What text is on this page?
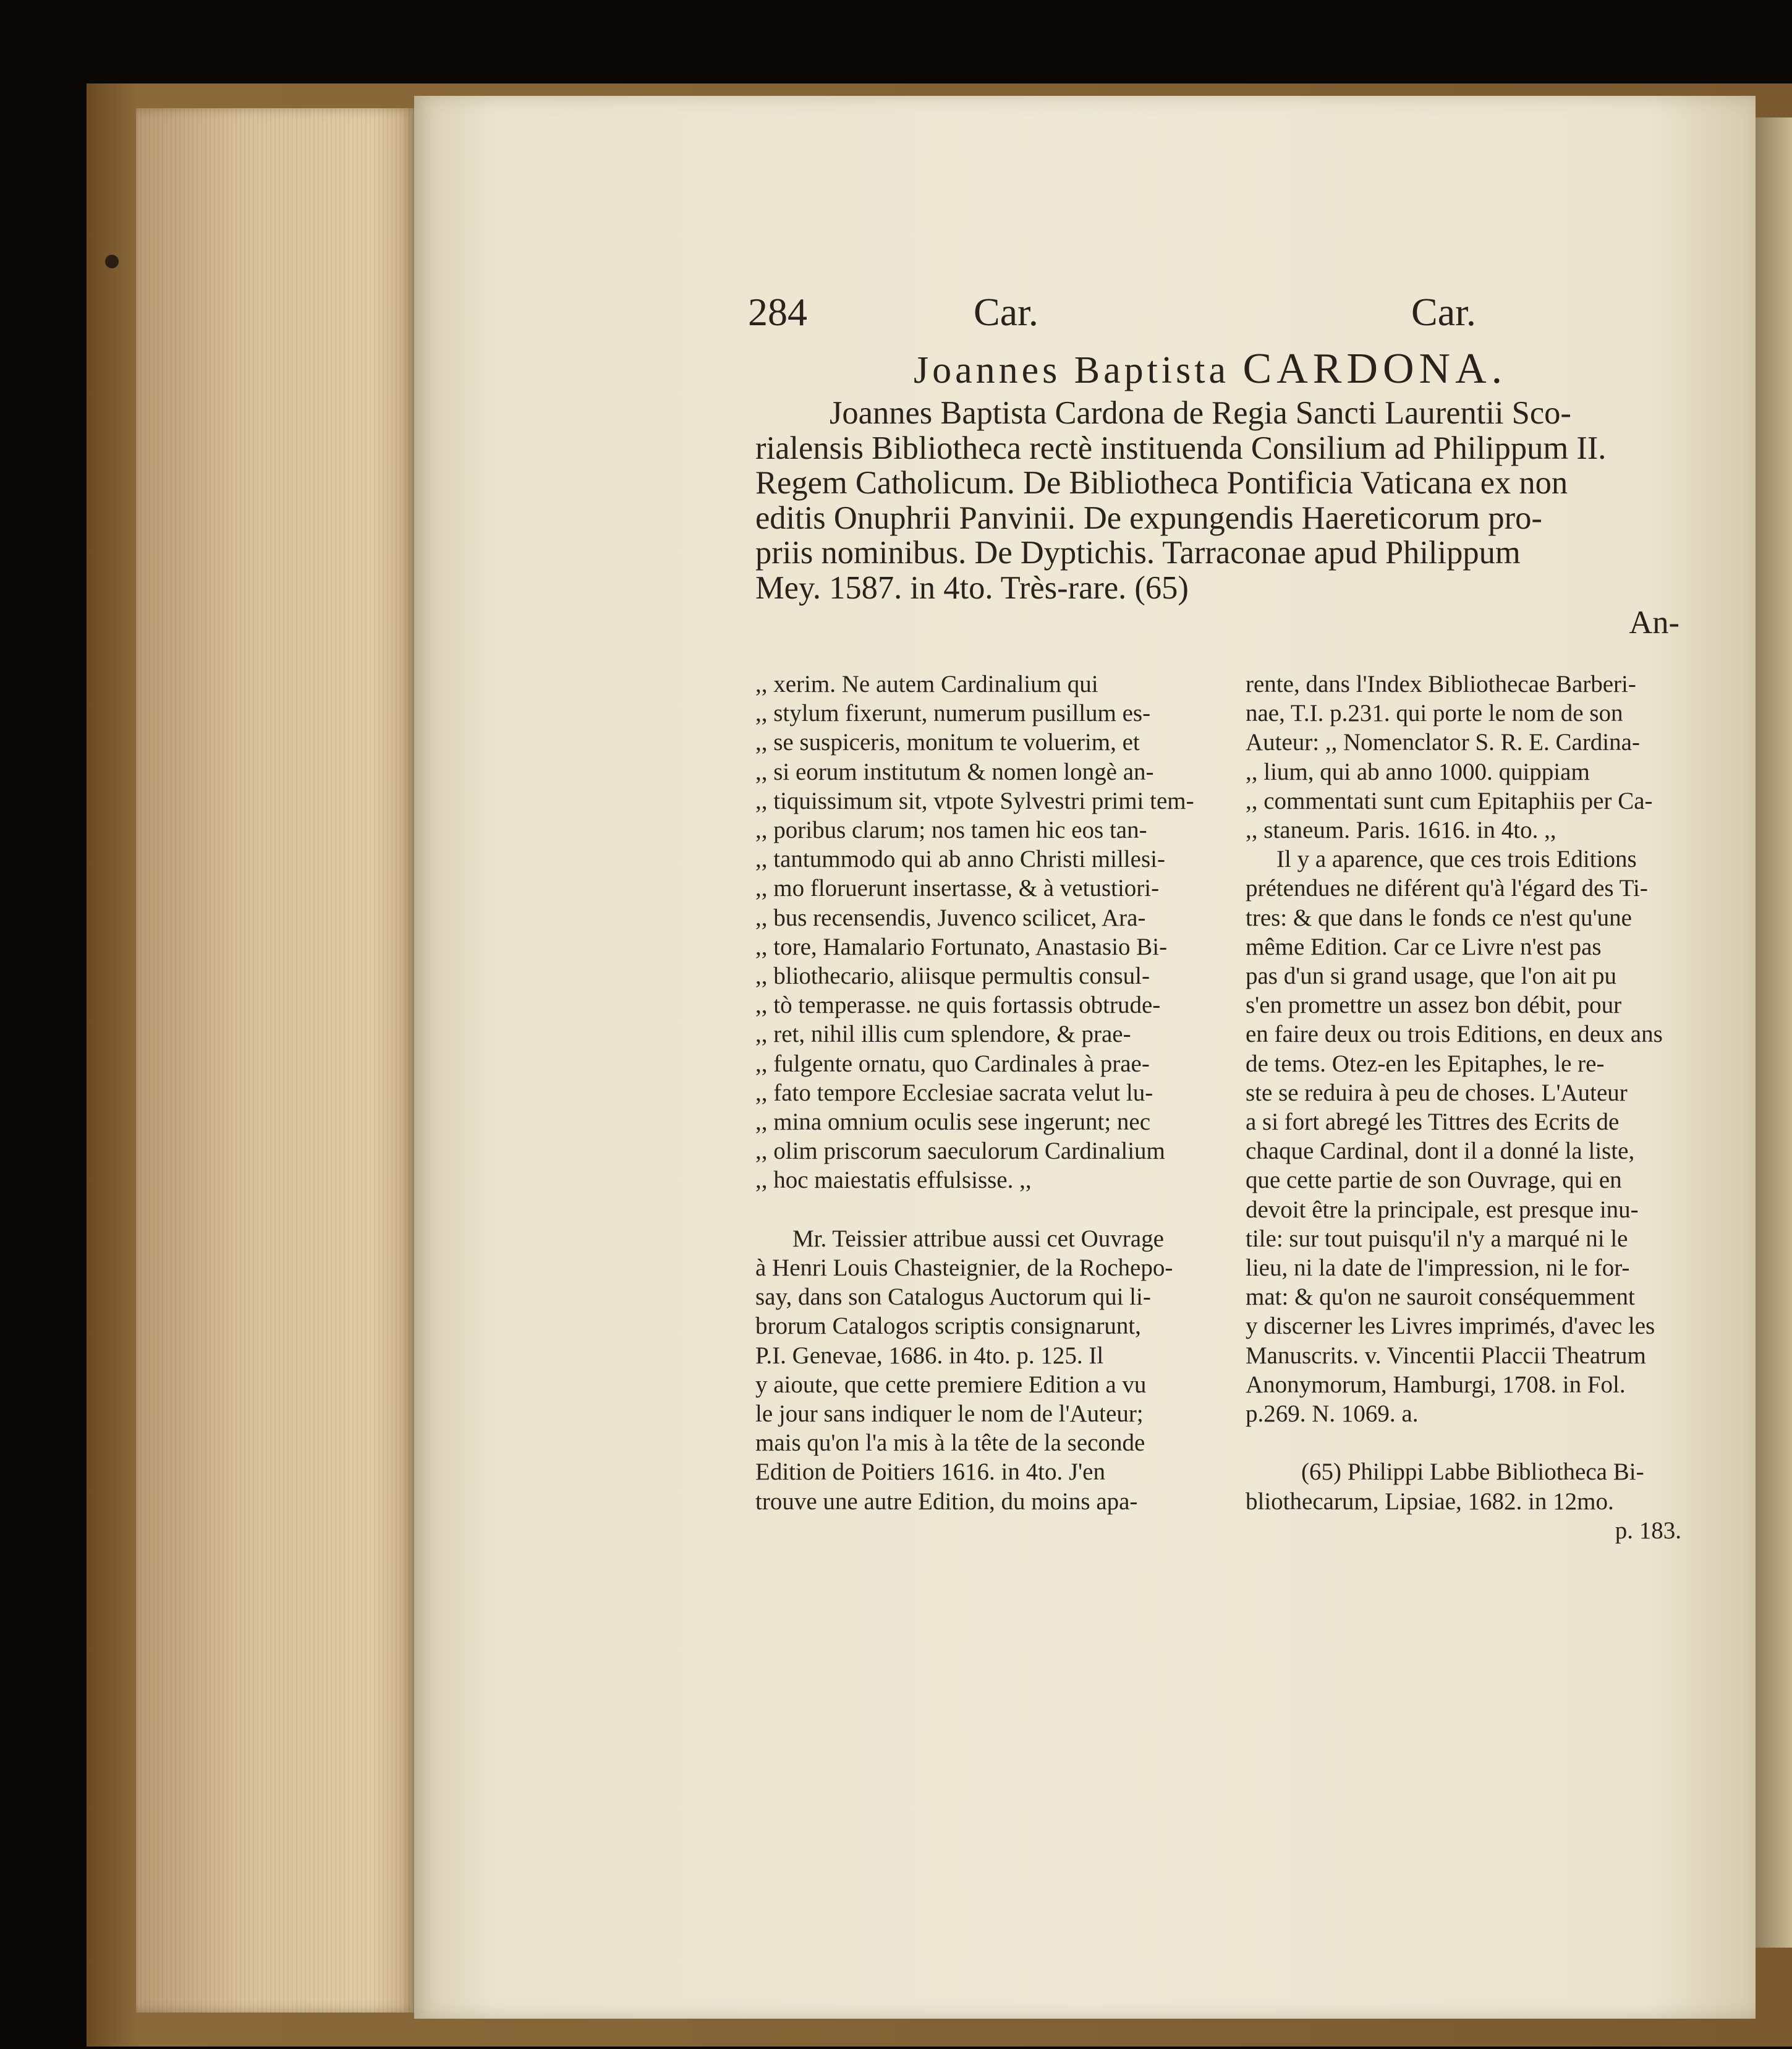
284	Car.	Car.
Joannes Baptista CARDONA.
Joannes Baptista Cardona de Regia Sancti Laurentii Sco-
rialensis Bibliotheca rectè instituenda Consilium ad Philippum II.
Regem Catholicum. De Bibliotheca Pontificia Vaticana ex non
editis Onuphrii Panvinii. De expungendis Haereticorum pro-
priis nominibus. De Dyptichis. Tarraconae apud Philippum
Mey. 1587. in 4to. Très-rare. (65)
An-
,, xerim. Ne autem Cardinalium qui
,, stylum fixerunt, numerum pusillum es-
,, se suspiceris, monitum te voluerim, et
,, si eorum institutum & nomen longè an-
,, tiquissimum sit, vtpote Sylvestri primi tem-
,, poribus clarum; nos tamen hic eos tan-
,, tantummodo qui ab anno Christi millesi-
,, mo floruerunt insertasse, & à vetustiori-
,, bus recensendis, Juvenco scilicet, Ara-
,, tore, Hamalario Fortunato, Anastasio Bi-
,, bliothecario, aliisque permultis consul-
,, tò temperasse. ne quis fortassis obtrude-
,, ret, nihil illis cum splendore, & prae-
,, fulgente ornatu, quo Cardinales à prae-
,, fato tempore Ecclesiae sacrata velut lu-
,, mina omnium oculis sese ingerunt; nec
,, olim priscorum saeculorum Cardinalium
,, hoc maiestatis effulsisse. ,,
Mr. Teissier attribue aussi cet Ouvrage
à Henri Louis Chasteignier, de la Rochepo-
say, dans son Catalogus Auctorum qui li-
brorum Catalogos scriptis consignarunt,
P.I. Genevae, 1686. in 4to. p. 125. Il
y aioute, que cette premiere Edition a vu
le jour sans indiquer le nom de l'Auteur;
mais qu'on l'a mis à la tête de la seconde
Edition de Poitiers 1616. in 4to. J'en
trouve une autre Edition, du moins apa-
rente, dans l'Index Bibliothecae Barberi-
nae, T.I. p.231. qui porte le nom de son
Auteur: ,, Nomenclator S. R. E. Cardina-
,, lium, qui ab anno 1000. quippiam
,, commentati sunt cum Epitaphiis per Ca-
,, staneum. Paris. 1616. in 4to. ,,
Il y a aparence, que ces trois Editions
prétendues ne diférent qu'à l'égard des Ti-
tres: & que dans le fonds ce n'est qu'une
même Edition. Car ce Livre n'est pas
pas d'un si grand usage, que l'on ait pu
s'en promettre un assez bon débit, pour
en faire deux ou trois Editions, en deux ans
de tems. Otez-en les Epitaphes, le re-
ste se reduira à peu de choses. L'Auteur
a si fort abregé les Tittres des Ecrits de
chaque Cardinal, dont il a donné la liste,
que cette partie de son Ouvrage, qui en
devoit être la principale, est presque inu-
tile: sur tout puisqu'il n'y a marqué ni le
lieu, ni la date de l'impression, ni le for-
mat: & qu'on ne sauroit conséquemment
y discerner les Livres imprimés, d'avec les
Manuscrits. v. Vincentii Placcii Theatrum
Anonymorum, Hamburgi, 1708. in Fol.
p.269. N. 1069. a.
(65) Philippi Labbe Bibliotheca Bi-
bliothecarum, Lipsiae, 1682. in 12mo.
p. 183.
